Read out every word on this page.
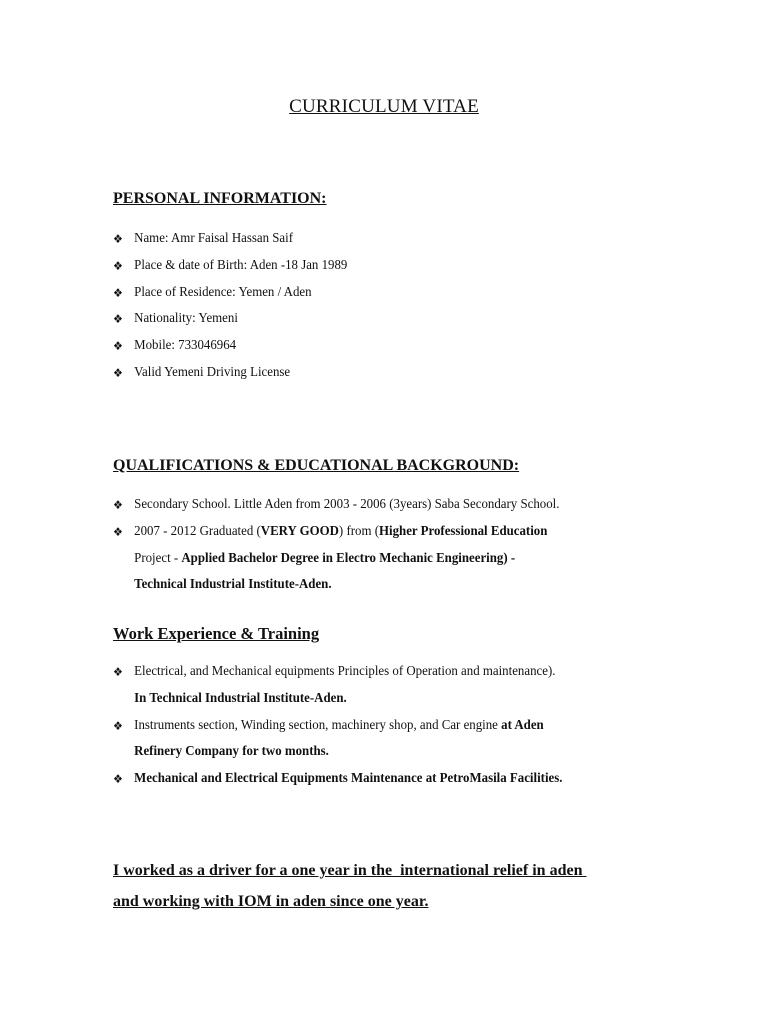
CURRICULUM VITAE
PERSONAL INFORMATION:
❖ Name: Amr Faisal Hassan Saif
❖ Place & date of Birth: Aden -18 Jan 1989
❖ Place of Residence: Yemen / Aden
❖ Nationality: Yemeni
❖ Mobile: 733046964
❖ Valid Yemeni Driving License
QUALIFICATIONS & EDUCATIONAL BACKGROUND:
❖ Secondary School. Little Aden from 2003 - 2006 (3years) Saba Secondary School.
❖ 2007 - 2012 Graduated (VERY GOOD) from (Higher Professional Education
Project - Applied Bachelor Degree in Electro Mechanic Engineering) -
Technical Industrial Institute-Aden.
Work Experience & Training
❖ Electrical, and Mechanical equipments Principles of Operation and maintenance).
In Technical Industrial Institute-Aden.
❖ Instruments section, Winding section, machinery shop, and Car engine at Aden
Refinery Company for two months.
❖ Mechanical and Electrical Equipments Maintenance at PetroMasila Facilities.
I worked as a driver for a one year in the  international relief in aden
and working with IOM in aden since one year.
